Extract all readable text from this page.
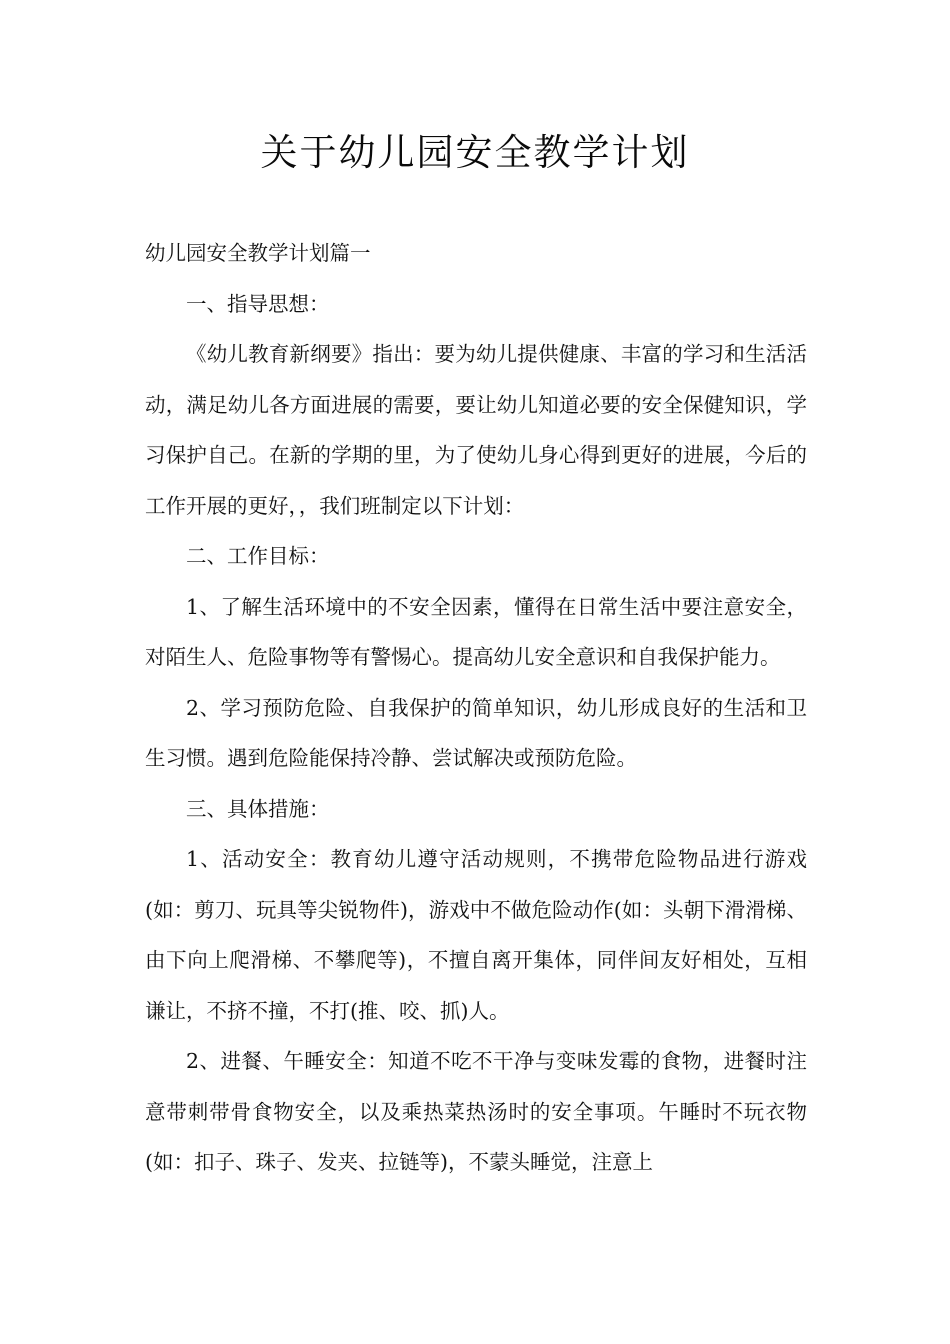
关于幼儿园安全教学计划

幼儿园安全教学计划篇一

一、指导思想：

《幼儿教育新纲要》指出：要为幼儿提供健康、丰富的学习和生活活动，满足幼儿各方面进展的需要，要让幼儿知道必要的安全保健知识，学习保护自己。在新的学期的里，为了使幼儿身心得到更好的进展，今后的工作开展的更好，，我们班制定以下计划：

二、工作目标：

1、了解生活环境中的不安全因素，懂得在日常生活中要注意安全，对陌生人、危险事物等有警惕心。提高幼儿安全意识和自我保护能力。

2、学习预防危险、自我保护的简单知识，幼儿形成良好的生活和卫生习惯。遇到危险能保持冷静、尝试解决或预防危险。

三、具体措施：

1、活动安全：教育幼儿遵守活动规则，不携带危险物品进行游戏(如：剪刀、玩具等尖锐物件)，游戏中不做危险动作(如：头朝下滑滑梯、由下向上爬滑梯、不攀爬等)，不擅自离开集体，同伴间友好相处，互相谦让，不挤不撞，不打(推、咬、抓)人。

2、进餐、午睡安全：知道不吃不干净与变味发霉的食物，进餐时注意带刺带骨食物安全，以及乘热菜热汤时的安全事项。午睡时不玩衣物(如：扣子、珠子、发夹、拉链等)，不蒙头睡觉，注意上
